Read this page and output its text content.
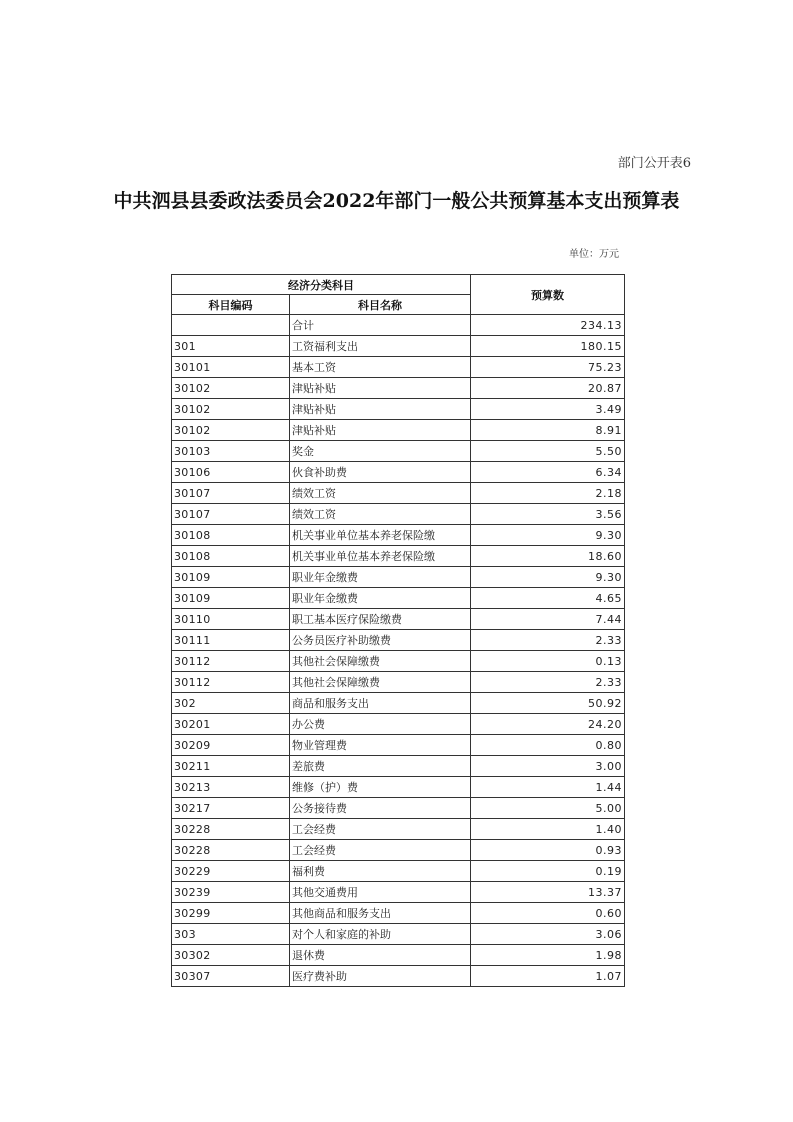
部门公开表6
中共泗县县委政法委员会2022年部门一般公共预算基本支出预算表
单位：万元
经济分类科目		预算数
科目编码	科目名称	
	合计	234.13
301	工资福利支出	180.15
30101	基本工资	75.23
30102	津贴补贴	20.87
30102	津贴补贴	3.49
30102	津贴补贴	8.91
30103	奖金	5.50
30106	伙食补助费	6.34
30107	绩效工资	2.18
30107	绩效工资	3.56
30108	机关事业单位基本养老保险缴	9.30
30108	机关事业单位基本养老保险缴	18.60
30109	职业年金缴费	9.30
30109	职业年金缴费	4.65
30110	职工基本医疗保险缴费	7.44
30111	公务员医疗补助缴费	2.33
30112	其他社会保障缴费	0.13
30112	其他社会保障缴费	2.33
302	商品和服务支出	50.92
30201	办公费	24.20
30209	物业管理费	0.80
30211	差旅费	3.00
30213	维修（护）费	1.44
30217	公务接待费	5.00
30228	工会经费	1.40
30228	工会经费	0.93
30229	福利费	0.19
30239	其他交通费用	13.37
30299	其他商品和服务支出	0.60
303	对个人和家庭的补助	3.06
30302	退休费	1.98
30307	医疗费补助	1.07
